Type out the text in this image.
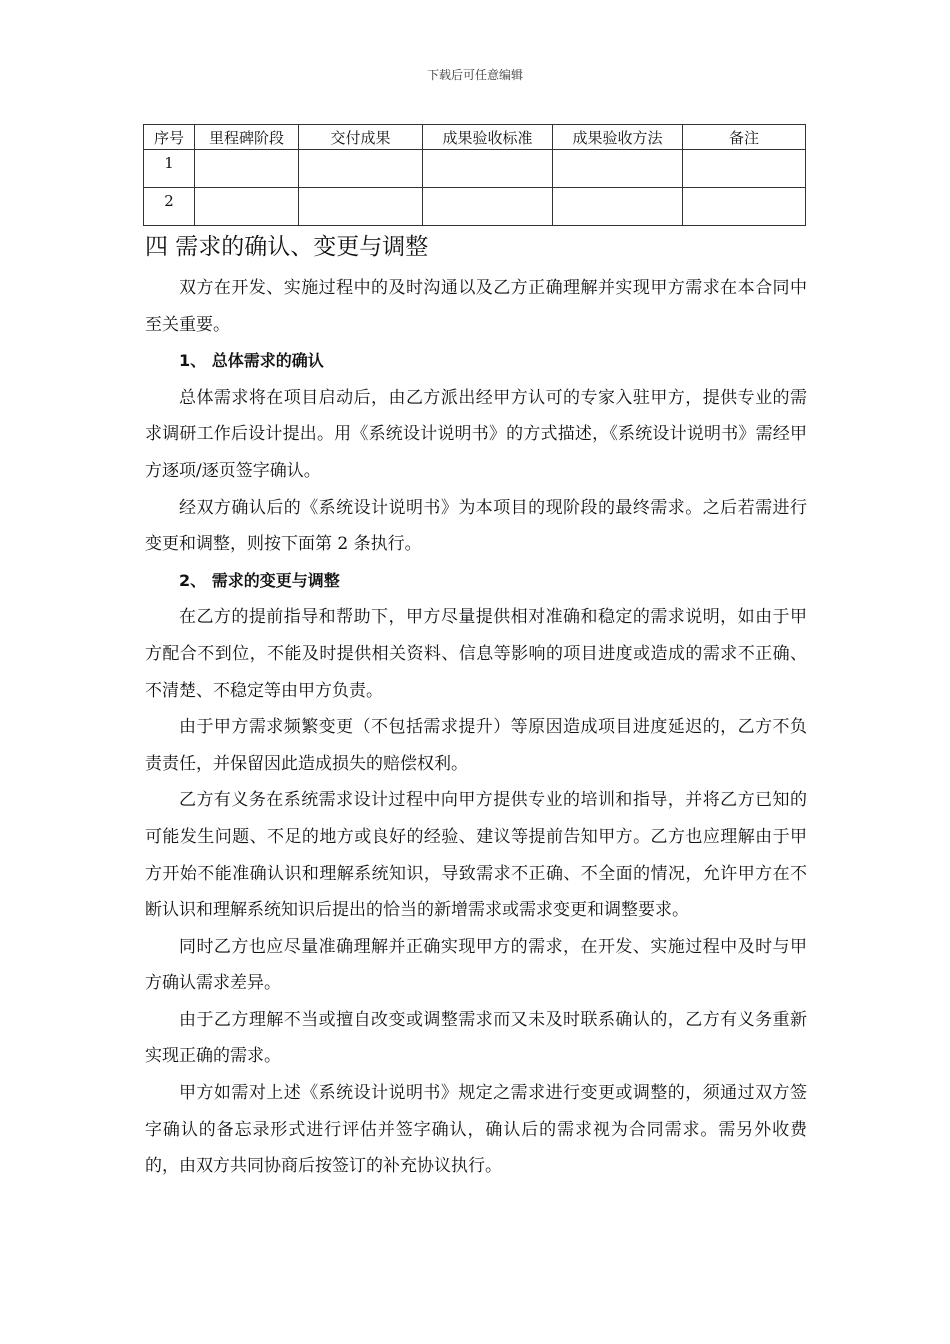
下载后可任意编辑
序号	里程碑阶段	交付成果	成果验收标准	成果验收方法	备注
1					
2					
四 需求的确认、变更与调整

双方在开发、实施过程中的及时沟通以及乙方正确理解并实现甲方需求在本合同中至关重要。

1、 总体需求的确认

总体需求将在项目启动后，由乙方派出经甲方认可的专家入驻甲方，提供专业的需求调研工作后设计提出。用《系统设计说明书》的方式描述，《系统设计说明书》需经甲方逐项/逐页签字确认。

经双方确认后的《系统设计说明书》为本项目的现阶段的最终需求。之后若需进行变更和调整，则按下面第 2 条执行。

2、 需求的变更与调整

在乙方的提前指导和帮助下，甲方尽量提供相对准确和稳定的需求说明，如由于甲方配合不到位，不能及时提供相关资料、信息等影响的项目进度或造成的需求不正确、不清楚、不稳定等由甲方负责。

由于甲方需求频繁变更（不包括需求提升）等原因造成项目进度延迟的，乙方不负责责任，并保留因此造成损失的赔偿权利。

乙方有义务在系统需求设计过程中向甲方提供专业的培训和指导，并将乙方已知的可能发生问题、不足的地方或良好的经验、建议等提前告知甲方。乙方也应理解由于甲方开始不能准确认识和理解系统知识，导致需求不正确、不全面的情况，允许甲方在不断认识和理解系统知识后提出的恰当的新增需求或需求变更和调整要求。

同时乙方也应尽量准确理解并正确实现甲方的需求，在开发、实施过程中及时与甲方确认需求差异。

由于乙方理解不当或擅自改变或调整需求而又未及时联系确认的，乙方有义务重新实现正确的需求。

甲方如需对上述《系统设计说明书》规定之需求进行变更或调整的，须通过双方签字确认的备忘录形式进行评估并签字确认，确认后的需求视为合同需求。需另外收费的，由双方共同协商后按签订的补充协议执行。
